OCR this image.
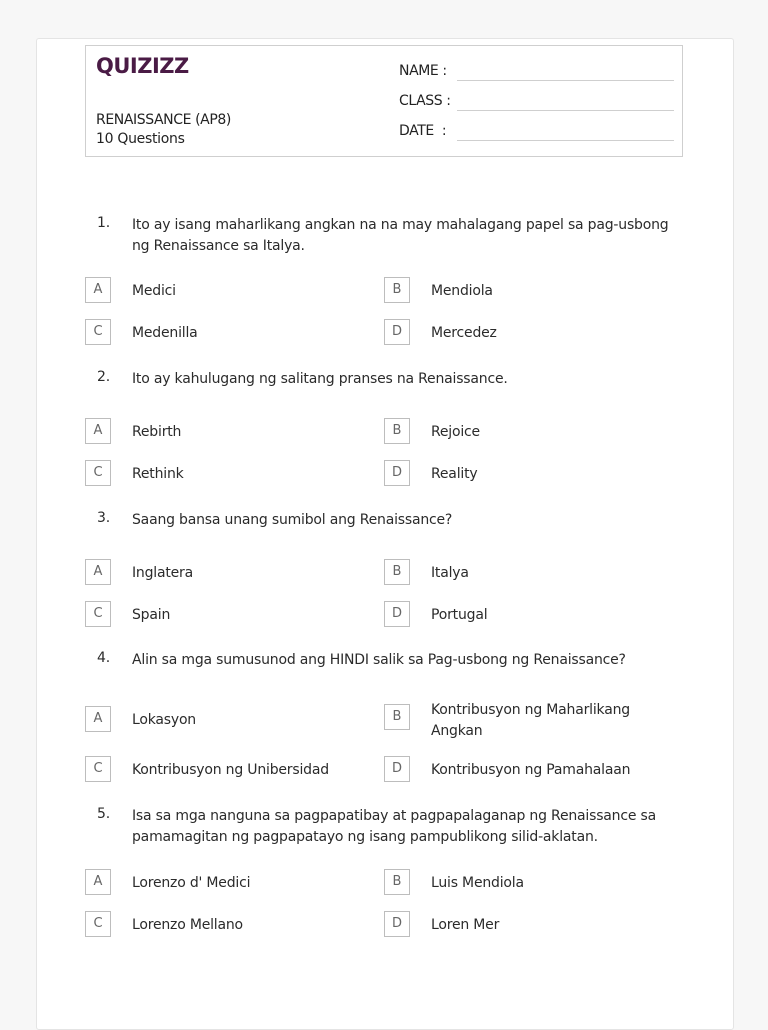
QUIZIZZ
RENAISSANCE (AP8)
10 Questions
NAME :
CLASS :
DATE  :
1.	Ito ay isang maharlikang angkan na na may mahalagang papel sa pag-usbong ng Renaissance sa Italya.
A	Medici	B	Mendiola
C	Medenilla	D	Mercedez
2.	Ito ay kahulugang ng salitang pranses na Renaissance.
A	Rebirth	B	Rejoice
C	Rethink	D	Reality
3.	Saang bansa unang sumibol ang Renaissance?
A	Inglatera	B	Italya
C	Spain	D	Portugal
4.	Alin sa mga sumusunod ang HINDI salik sa Pag-usbong ng Renaissance?
A	Lokasyon	B	Kontribusyon ng Maharlikang Angkan
C	Kontribusyon ng Unibersidad	D	Kontribusyon ng Pamahalaan
5.	Isa sa mga nanguna sa pagpapatibay at pagpapalaganap ng Renaissance sa pamamagitan ng pagpapatayo ng isang pampublikong silid-aklatan.
A	Lorenzo d' Medici	B	Luis Mendiola
C	Lorenzo Mellano	D	Loren Mer
